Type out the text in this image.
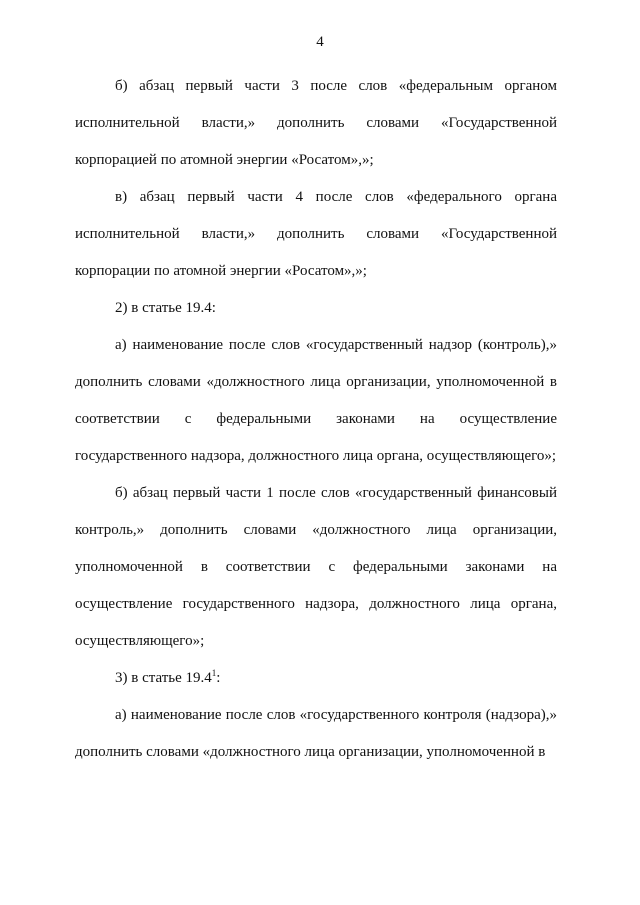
4

б) абзац первый части 3 после слов «федеральным органом исполнительной власти,» дополнить словами «Государственной корпорацией по атомной энергии «Росатом»,»;

в) абзац первый части 4 после слов «федерального органа исполнительной власти,» дополнить словами «Государственной корпорации по атомной энергии «Росатом»,»;

2) в статье 19.4:

а) наименование после слов «государственный надзор (контроль),» дополнить словами «должностного лица организации, уполномоченной в соответствии с федеральными законами на осуществление государственного надзора, должностного лица органа, осуществляющего»;

б) абзац первый части 1 после слов «государственный финансовый контроль,» дополнить словами «должностного лица организации, уполномоченной в соответствии с федеральными законами на осуществление государственного надзора, должностного лица органа, осуществляющего»;

3) в статье 19.4$^1$:

а) наименование после слов «государственного контроля (надзора),» дополнить словами «должностного лица организации, уполномоченной в
